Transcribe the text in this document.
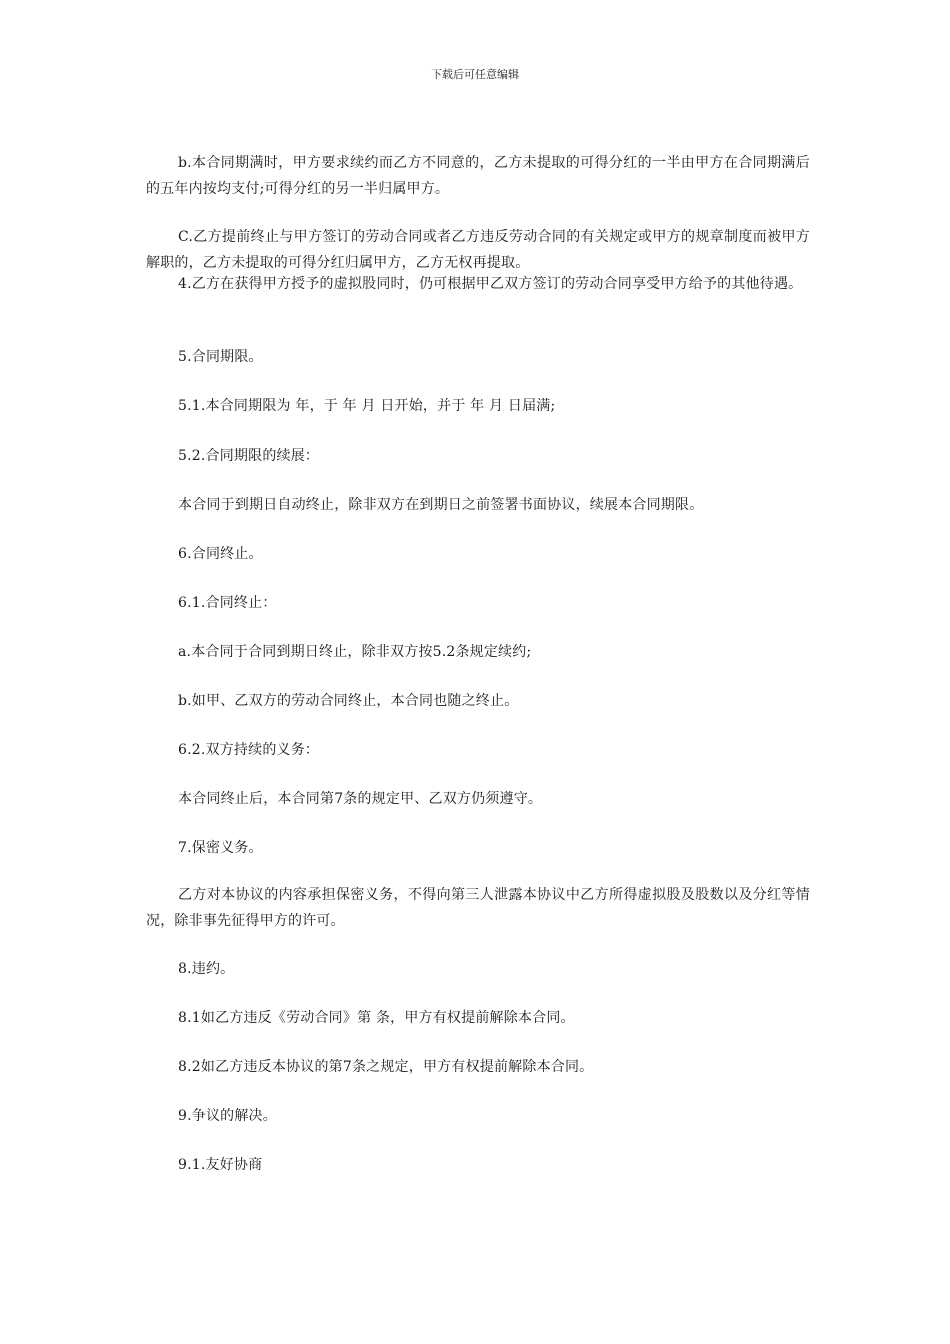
下载后可任意编辑

b.本合同期满时，甲方要求续约而乙方不同意的，乙方未提取的可得分红的一半由甲方在合同期满后的五年内按均支付;可得分红的另一半归属甲方。

C.乙方提前终止与甲方签订的劳动合同或者乙方违反劳动合同的有关规定或甲方的规章制度而被甲方解职的，乙方未提取的可得分红归属甲方，乙方无权再提取。

4.乙方在获得甲方授予的虚拟股同时，仍可根据甲乙双方签订的劳动合同享受甲方给予的其他待遇。

5.合同期限。

5.1.本合同期限为 年，于 年 月 日开始，并于 年 月 日届满;

5.2.合同期限的续展：

本合同于到期日自动终止，除非双方在到期日之前签署书面协议，续展本合同期限。

6.合同终止。

6.1.合同终止：

a.本合同于合同到期日终止，除非双方按5.2条规定续约;

b.如甲、乙双方的劳动合同终止，本合同也随之终止。

6.2.双方持续的义务：

本合同终止后，本合同第7条的规定甲、乙双方仍须遵守。

7.保密义务。

乙方对本协议的内容承担保密义务，不得向第三人泄露本协议中乙方所得虚拟股及股数以及分红等情况，除非事先征得甲方的许可。

8.违约。

8.1如乙方违反《劳动合同》第 条，甲方有权提前解除本合同。

8.2如乙方违反本协议的第7条之规定，甲方有权提前解除本合同。

9.争议的解决。

9.1.友好协商
